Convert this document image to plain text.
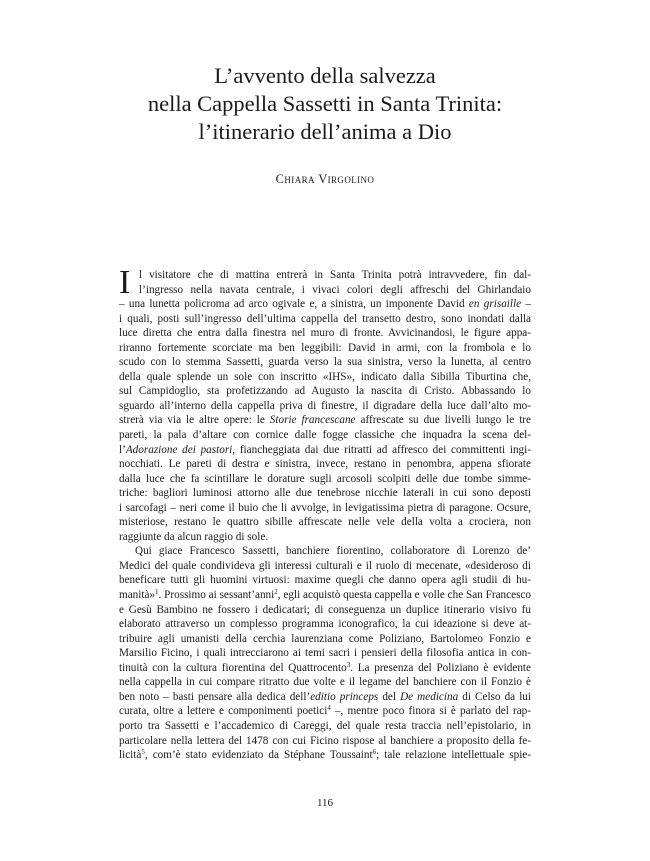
L’avvento della salvezza
nella Cappella Sassetti in Santa Trinita:
l’itinerario dell’anima a Dio
Chiara Virgolino
I l visitatore che di mattina entrerà in Santa Trinita potrà intravvedere, fin dal-
l’ingresso nella navata centrale, i vivaci colori degli affreschi del Ghirlandaio
– una lunetta policroma ad arco ogivale e, a sinistra, un imponente David en grisaille –
i quali, posti sull’ingresso dell’ultima cappella del transetto destro, sono inondati dalla
luce diretta che entra dalla finestra nel muro di fronte. Avvicinandosi, le figure appa-
riranno fortemente scorciate ma ben leggibili: David in armi, con la frombola e lo
scudo con lo stemma Sassetti, guarda verso la sua sinistra, verso la lunetta, al centro
della quale splende un sole con inscritto «IHS», indicato dalla Sibilla Tiburtina che,
sul Campidoglio, sta profetizzando ad Augusto la nascita di Cristo. Abbassando lo
sguardo all’interno della cappella priva di finestre, il digradare della luce dall’alto mo-
strerà via via le altre opere: le Storie francescane affrescate su due livelli lungo le tre
pareti, la pala d’altare con cornice dalle fogge classiche che inquadra la scena del-
l’Adorazione dei pastori, fiancheggiata dai due ritratti ad affresco dei committenti ingi-
nocchiati. Le pareti di destra e sinistra, invece, restano in penombra, appena sfiorate
dalla luce che fa scintillare le dorature sugli arcosoli scolpiti delle due tombe simme-
triche: bagliori luminosi attorno alle due tenebrose nicchie laterali in cui sono deposti
i sarcofagi – neri come il buio che li avvolge, in levigatissima pietra di paragone. Ocsure,
misteriose, restano le quattro sibille affrescate nelle vele della volta a crociera, non
raggiunte da alcun raggio di sole.
Qui giace Francesco Sassetti, banchiere fiorentino, collaboratore di Lorenzo de’
Medici del quale condivideva gli interessi culturali e il ruolo di mecenate, «desideroso di
beneficare tutti gli huomini virtuosi: maxime quegli che danno opera agli studii di hu-
manità»$^1$. Prossimo ai sessant’anni$^2$, egli acquistò questa cappella e volle che San Francesco
e Gesù Bambino ne fossero i dedicatari; di conseguenza un duplice itinerario visivo fu
elaborato attraverso un complesso programma iconografico, la cui ideazione si deve at-
tribuire agli umanisti della cerchia laurenziana come Poliziano, Bartolomeo Fonzio e
Marsilio Ficino, i quali intrecciarono ai temi sacri i pensieri della filosofia antica in con-
tinuità con la cultura fiorentina del Quattrocento$^3$. La presenza del Poliziano è evidente
nella cappella in cui compare ritratto due volte e il legame del banchiere con il Fonzio è
ben noto – basti pensare alla dedica dell’editio princeps del De medicina di Celso da lui
curata, oltre a lettere e componimenti poetici$^4$ –, mentre poco finora si è parlato del rap-
porto tra Sassetti e l’accademico di Careggi, del quale resta traccia nell’epistolario, in
particolare nella lettera del 1478 con cui Ficino rispose al banchiere a proposito della fe-
licità$^5$, com’è stato evidenziato da Stéphane Toussaint$^6$; tale relazione intellettuale spie-
116
